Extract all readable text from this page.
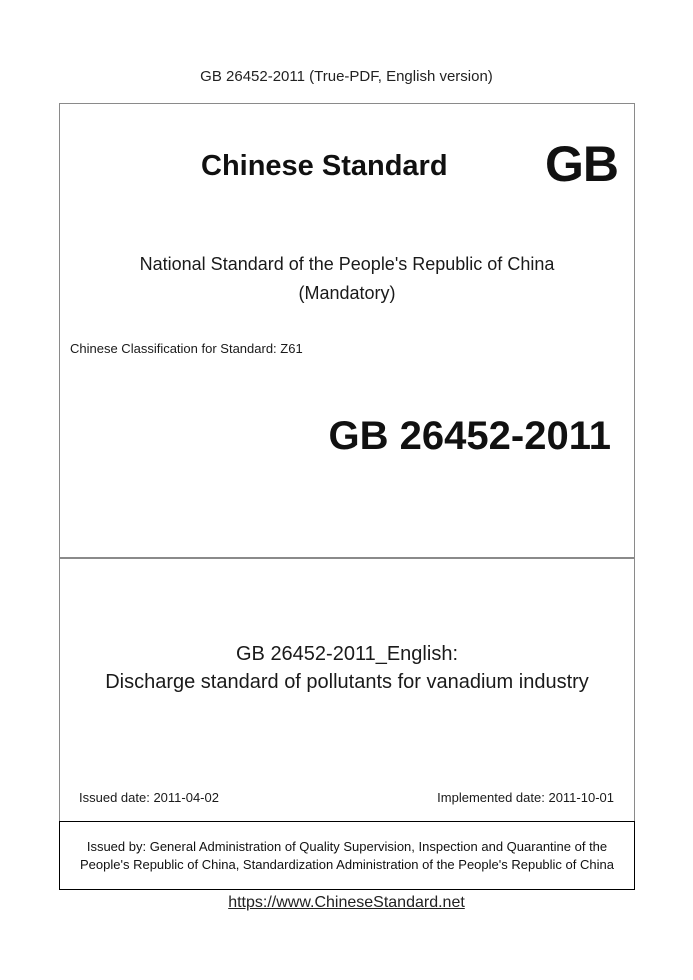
GB 26452-2011 (True-PDF, English version)
Chinese Standard GB
National Standard of the People's Republic of China
(Mandatory)
Chinese Classification for Standard: Z61
GB 26452-2011
GB 26452-2011_English:
Discharge standard of pollutants for vanadium industry
Issued date: 2011-04-02	Implemented date: 2011-10-01
Issued by: General Administration of Quality Supervision, Inspection and Quarantine of the People's Republic of China, Standardization Administration of the People's Republic of China
https://www.ChineseStandard.net
